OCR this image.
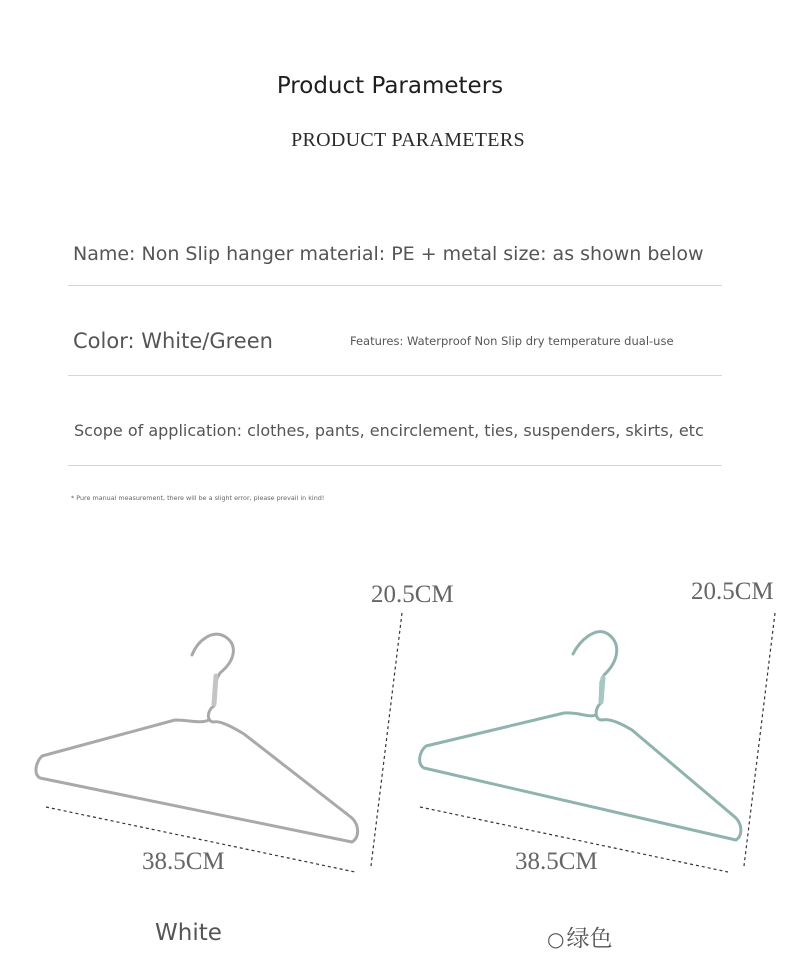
Product Parameters
PRODUCT PARAMETERS
Name: Non Slip hanger material: PE + metal size: as shown below
Color: White/Green	Features: Waterproof Non Slip dry temperature dual-use
Scope of application: clothes, pants, encirclement, ties, suspenders, skirts, etc
* Pure manual measurement, there will be a slight error, please prevail in kind!
20.5CM	20.5CM
38.5CM	38.5CM
White	○绿色
